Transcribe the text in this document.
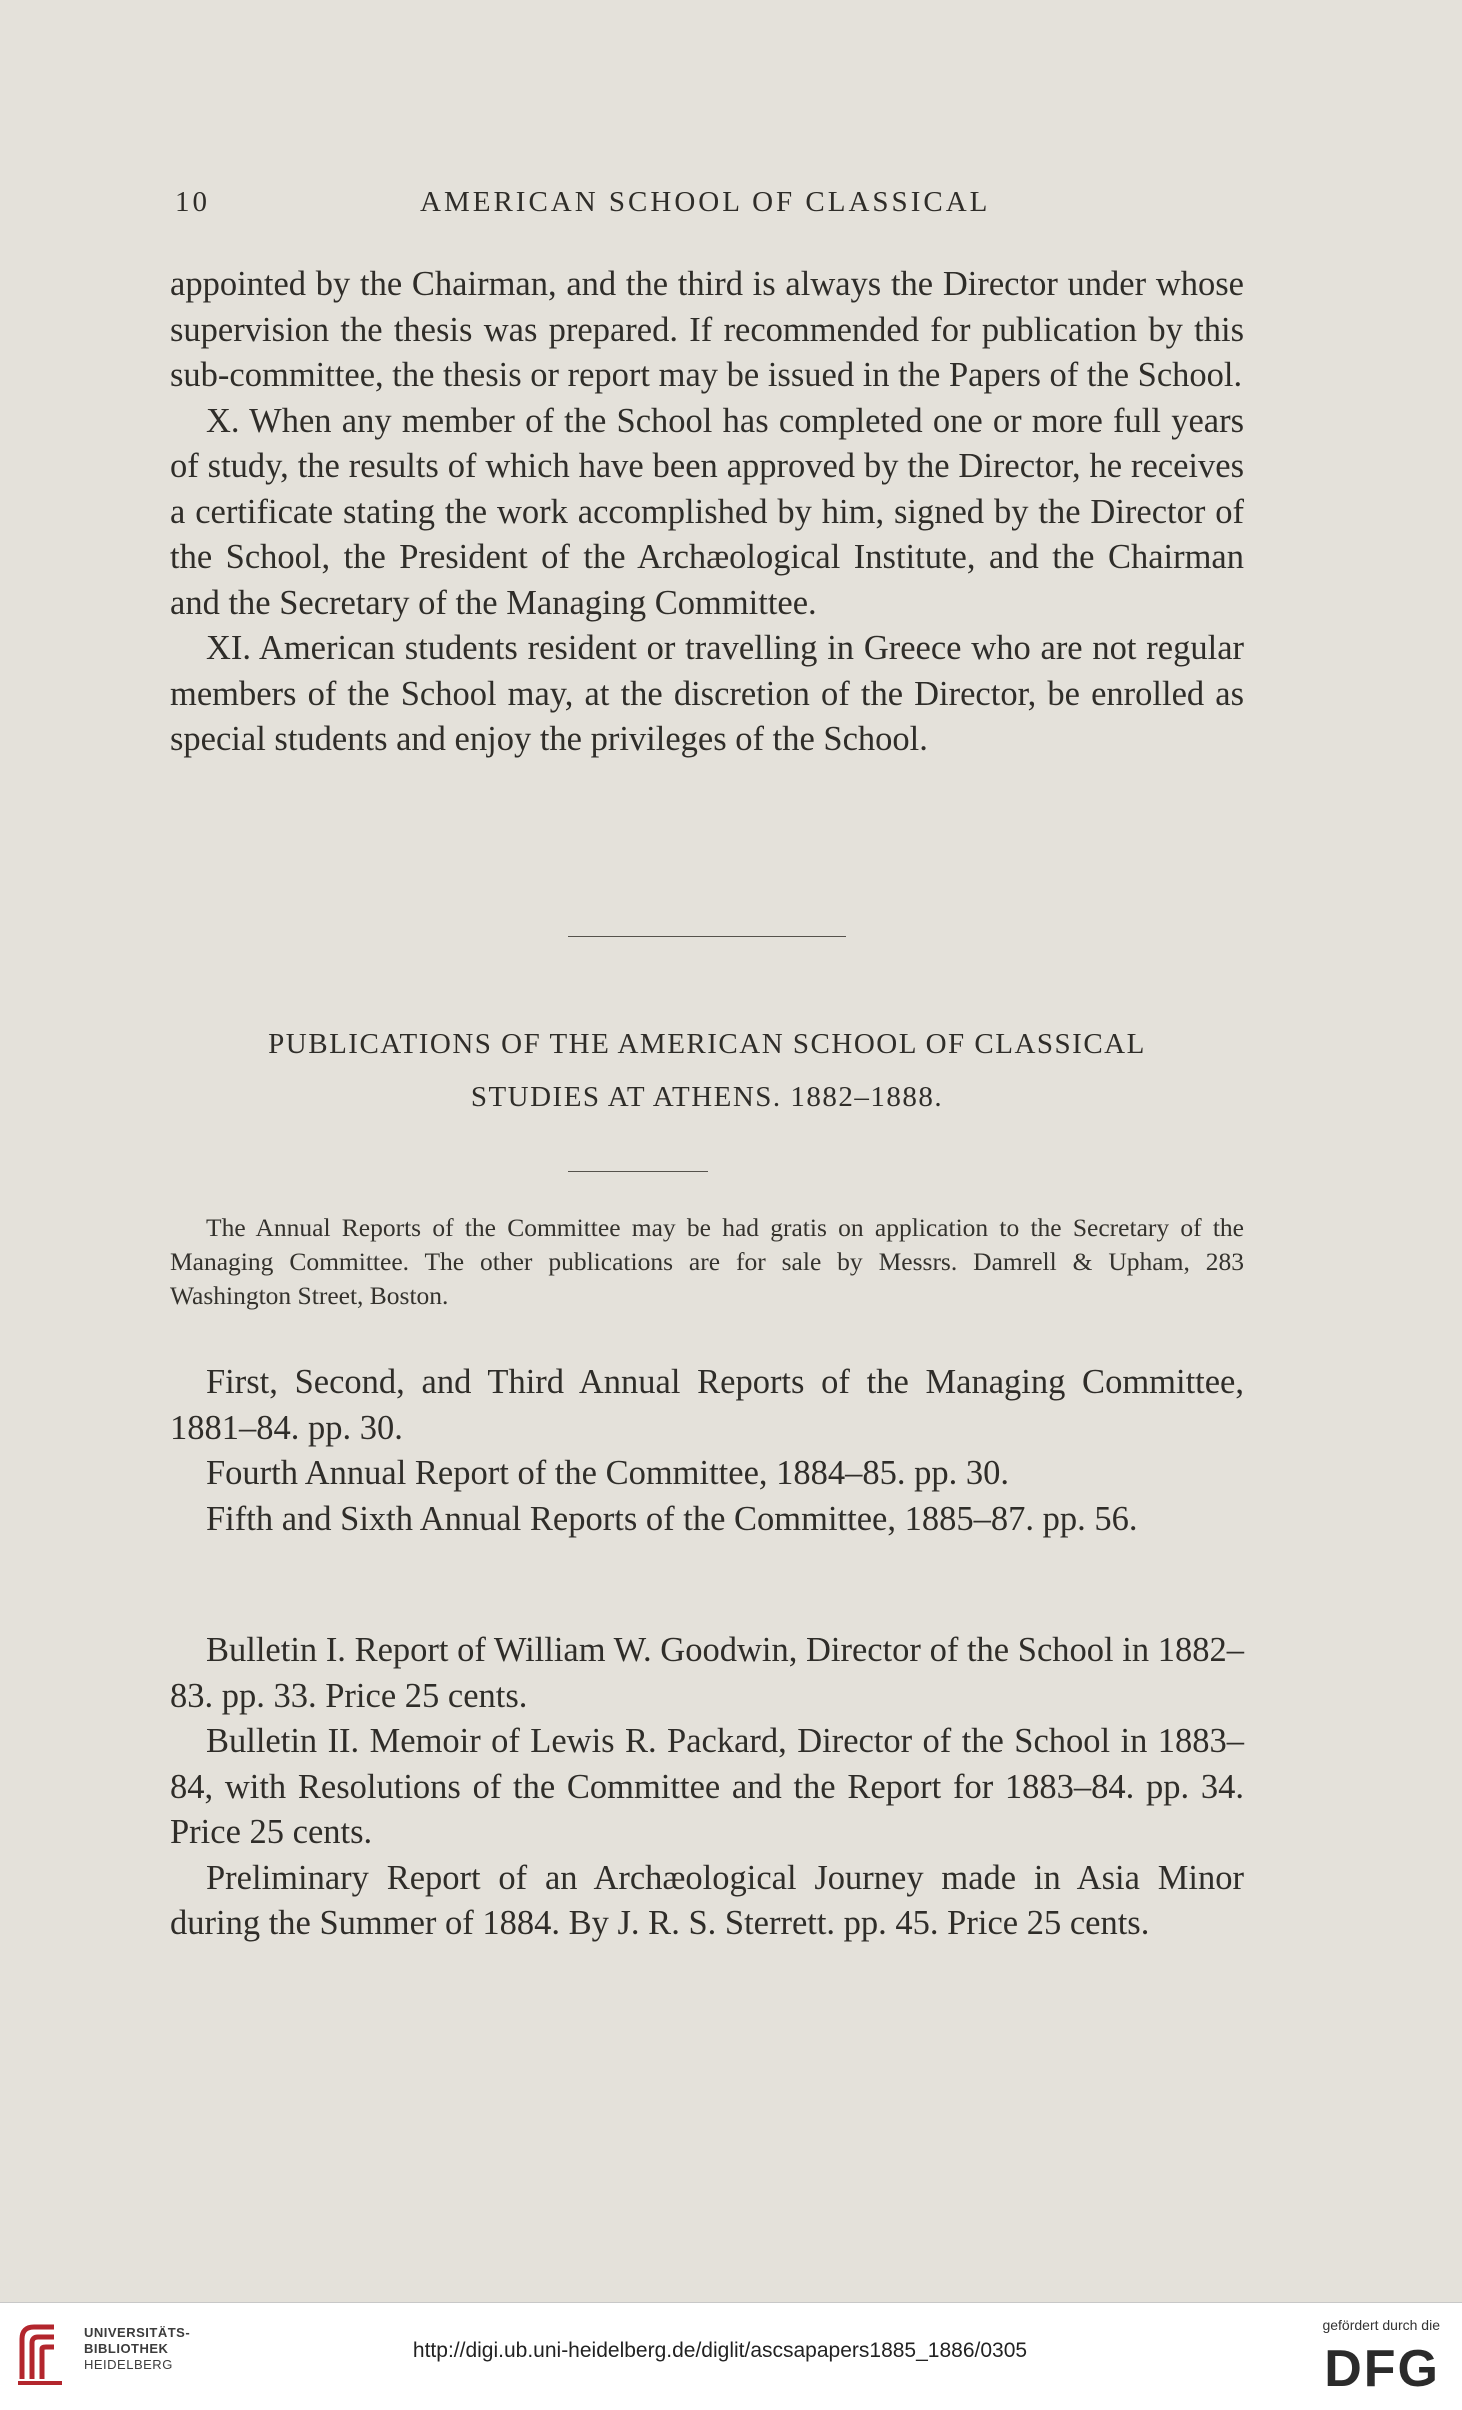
10	AMERICAN SCHOOL OF CLASSICAL

appointed by the Chairman, and the third is always the Director under whose supervision the thesis was prepared. If recommended for publication by this sub-committee, the thesis or report may be issued in the Papers of the School.

X. When any member of the School has completed one or more full years of study, the results of which have been approved by the Director, he receives a certificate stating the work accomplished by him, signed by the Director of the School, the President of the Archæological Institute, and the Chairman and the Secretary of the Managing Committee.

XI. American students resident or travelling in Greece who are not regular members of the School may, at the discretion of the Director, be enrolled as special students and enjoy the privileges of the School.

PUBLICATIONS OF THE AMERICAN SCHOOL OF CLASSICAL
STUDIES AT ATHENS. 1882–1888.

The Annual Reports of the Committee may be had gratis on application to the Secretary of the Managing Committee. The other publications are for sale by Messrs. Damrell & Upham, 283 Washington Street, Boston.

First, Second, and Third Annual Reports of the Managing Committee, 1881–84. pp. 30.

Fourth Annual Report of the Committee, 1884–85. pp. 30.

Fifth and Sixth Annual Reports of the Committee, 1885–87. pp. 56.

Bulletin I. Report of William W. Goodwin, Director of the School in 1882–83. pp. 33. Price 25 cents.

Bulletin II. Memoir of Lewis R. Packard, Director of the School in 1883–84, with Resolutions of the Committee and the Report for 1883–84. pp. 34. Price 25 cents.

Preliminary Report of an Archæological Journey made in Asia Minor during the Summer of 1884. By J. R. S. Sterrett. pp. 45. Price 25 cents.

UNIVERSITÄTS-
BIBLIOTHEK
HEIDELBERG
http://digi.ub.uni-heidelberg.de/diglit/ascsapapers1885_1886/0305
gefördert durch die
DFG
